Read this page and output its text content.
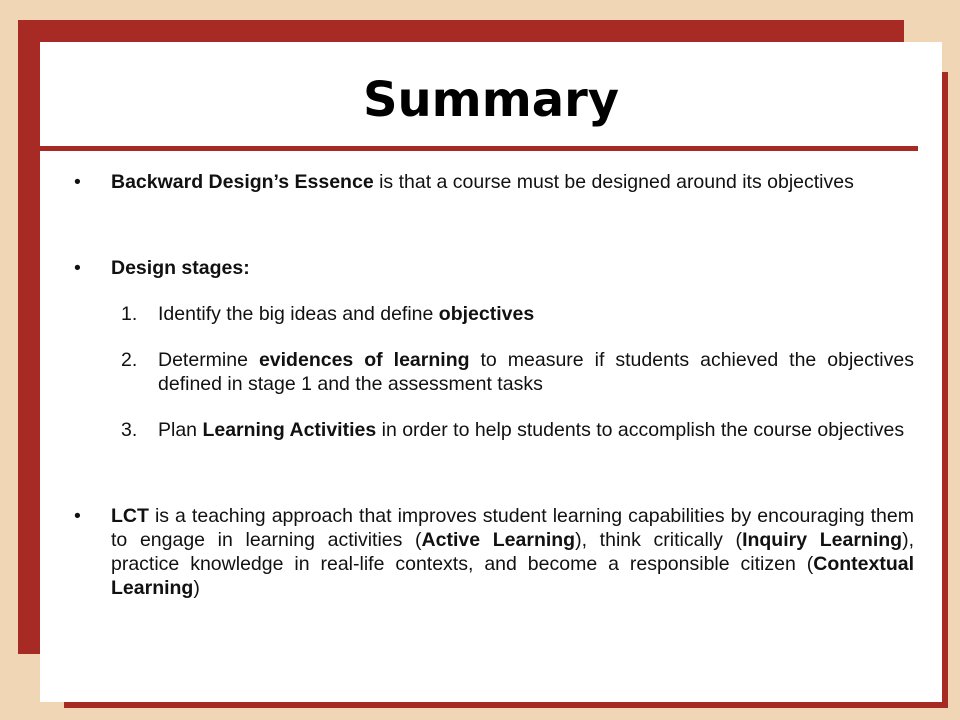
Summary
• Backward Design’s Essence is that a course must be designed around its objectives
• Design stages:
1. Identify the big ideas and define objectives
2. Determine evidences of learning to measure if students achieved the objectives defined in stage 1 and the assessment tasks
3. Plan Learning Activities in order to help students to accomplish the course objectives
• LCT is a teaching approach that improves student learning capabilities by encouraging them to engage in learning activities (Active Learning), think critically (Inquiry Learning), practice knowledge in real-life contexts, and become a responsible citizen (Contextual Learning)
